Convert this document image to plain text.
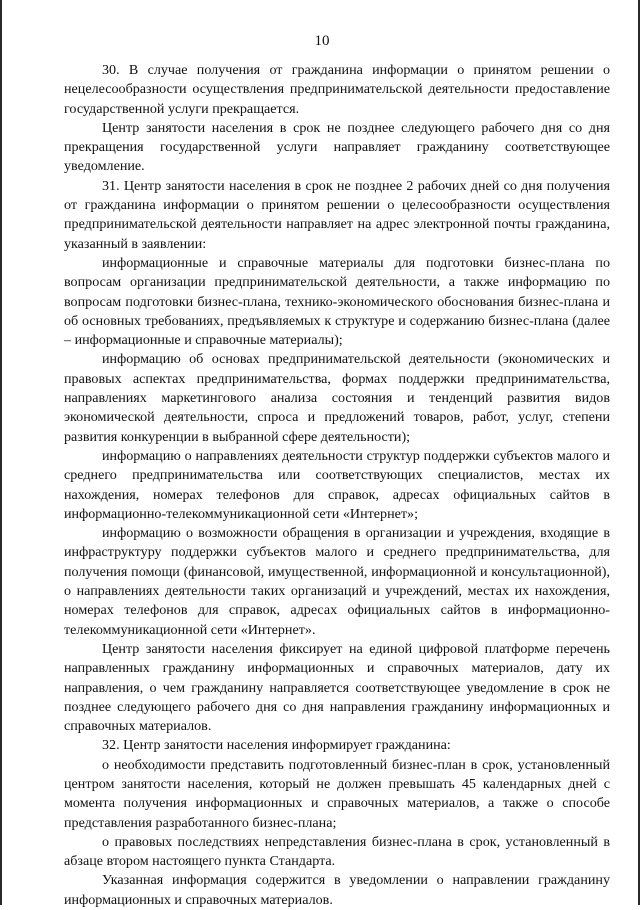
10

30. В случае получения от гражданина информации о принятом решении о нецелесообразности осуществления предпринимательской деятельности предоставление государственной услуги прекращается.

Центр занятости населения в срок не позднее следующего рабочего дня со дня прекращения государственной услуги направляет гражданину соответствующее уведомление.

31. Центр занятости населения в срок не позднее 2 рабочих дней со дня получения от гражданина информации о принятом решении о целесообразности осуществления предпринимательской деятельности направляет на адрес электронной почты гражданина, указанный в заявлении:

информационные и справочные материалы для подготовки бизнес-плана по вопросам организации предпринимательской деятельности, а также информацию по вопросам подготовки бизнес-плана, технико-экономического обоснования бизнес-плана и об основных требованиях, предъявляемых к структуре и содержанию бизнес-плана (далее – информационные и справочные материалы);

информацию об основах предпринимательской деятельности (экономических и правовых аспектах предпринимательства, формах поддержки предпринимательства, направлениях маркетингового анализа состояния и тенденций развития видов экономической деятельности, спроса и предложений товаров, работ, услуг, степени развития конкуренции в выбранной сфере деятельности);

информацию о направлениях деятельности структур поддержки субъектов малого и среднего предпринимательства или соответствующих специалистов, местах их нахождения, номерах телефонов для справок, адресах официальных сайтов в информационно-телекоммуникационной сети «Интернет»;

информацию о возможности обращения в организации и учреждения, входящие в инфраструктуру поддержки субъектов малого и среднего предпринимательства, для получения помощи (финансовой, имущественной, информационной и консультационной), о направлениях деятельности таких организаций и учреждений, местах их нахождения, номерах телефонов для справок, адресах официальных сайтов в информационно-телекоммуникационной сети «Интернет».

Центр занятости населения фиксирует на единой цифровой платформе перечень направленных гражданину информационных и справочных материалов, дату их направления, о чем гражданину направляется соответствующее уведомление в срок не позднее следующего рабочего дня со дня направления гражданину информационных и справочных материалов.

32. Центр занятости населения информирует гражданина:

о необходимости представить подготовленный бизнес-план в срок, установленный центром занятости населения, который не должен превышать 45 календарных дней с момента получения информационных и справочных материалов, а также о способе представления разработанного бизнес-плана;

о правовых последствиях непредставления бизнес-плана в срок, установленный в абзаце втором настоящего пункта Стандарта.

Указанная информация содержится в уведомлении о направлении гражданину информационных и справочных материалов.
